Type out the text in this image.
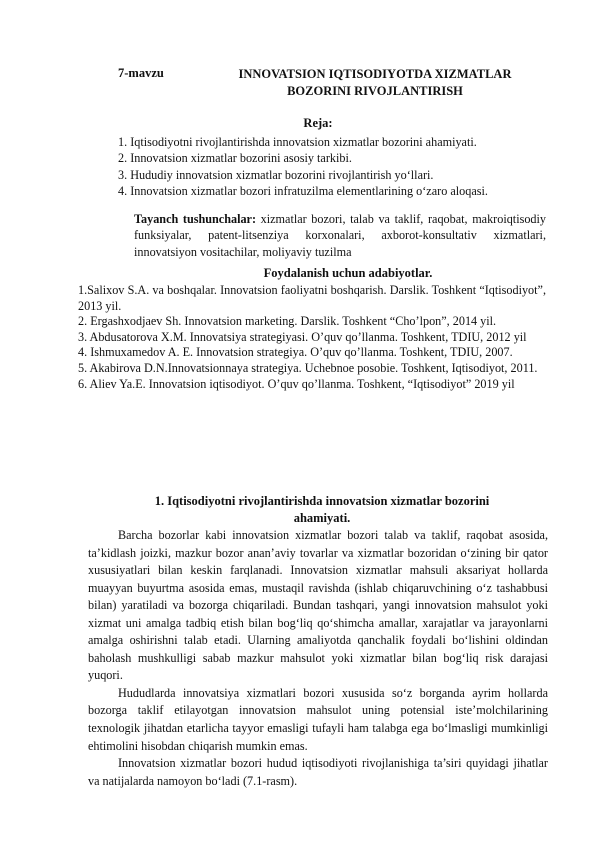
7-mavzu	INNOVATSION IQTISODIYOTDA XIZMATLAR
BOZORINI RIVOJLANTIRISH
Reja:
1. Iqtisodiyotni rivojlantirishda innovatsion xizmatlar bozorini ahamiyati.
2. Innovatsion xizmatlar bozorini asosiy tarkibi.
3. Hududiy innovatsion xizmatlar bozorini rivojlantirish yo‘llari.
4. Innovatsion xizmatlar bozori infratuzilma elementlarining o‘zaro aloqasi.
Tayanch tushunchalar: xizmatlar bozori, talab va taklif, raqobat, makroiqtisodiy funksiyalar, patent-litsenziya korxonalari, axborot-konsultativ xizmatlari, innovatsiyon vositachilar, moliyaviy tuzilma
Foydalanish uchun adabiyotlar.
1.Salixov S.A. va boshqalar. Innovatsion faoliyatni boshqarish. Darslik. Toshkent “Iqtisodiyot”, 2013 yil.
2. Ergashxodjaev Sh. Innovatsion marketing. Darslik. Toshkent “Cho’lpon”, 2014 yil.
3. Abdusatorova X.M. Innovatsiya strategiyasi. O’quv qo’llanma. Toshkent, TDIU, 2012 yil
4. Ishmuxamedov A. E. Innovatsion strategiya. O’quv qo’llanma. Toshkent, TDIU, 2007.
5. Akabirova D.N.Innovatsionnaya strategiya. Uchebnoe posobie. Toshkent, Iqtisodiyot, 2011.
6. Aliev Ya.E. Innovatsion iqtisodiyot. O’quv qo’llanma. Toshkent, “Iqtisodiyot” 2019 yil
1. Iqtisodiyotni rivojlantirishda innovatsion xizmatlar bozorini
ahamiyati.

Barcha bozorlar kabi innovatsion xizmatlar bozori talab va taklif, raqobat asosida, ta’kidlash joizki, mazkur bozor anan’aviy tovarlar va xizmatlar bozoridan o‘zining bir qator xususiyatlari bilan keskin farqlanadi. Innovatsion xizmatlar mahsuli aksariyat hollarda muayyan buyurtma asosida emas, mustaqil ravishda (ishlab chiqaruvchining o‘z tashabbusi bilan) yaratiladi va bozorga chiqariladi. Bundan tashqari, yangi innovatsion mahsulot yoki xizmat uni amalga tadbiq etish bilan bog‘liq qo‘shimcha amallar, xarajatlar va jarayonlarni amalga oshirishni talab etadi. Ularning amaliyotda qanchalik foydali bo‘lishini oldindan baholash mushkulligi sabab mazkur mahsulot yoki xizmatlar bilan bog‘liq risk darajasi yuqori.

Hududlarda innovatsiya xizmatlari bozori xususida so‘z borganda ayrim hollarda bozorga taklif etilayotgan innovatsion mahsulot uning potensial iste’molchilarining texnologik jihatdan etarlicha tayyor emasligi tufayli ham talabga ega bo‘lmasligi mumkinligi ehtimolini hisobdan chiqarish mumkin emas.

Innovatsion xizmatlar bozori hudud iqtisodiyoti rivojlanishiga ta’siri quyidagi jihatlar va natijalarda namoyon bo‘ladi (7.1-rasm).
